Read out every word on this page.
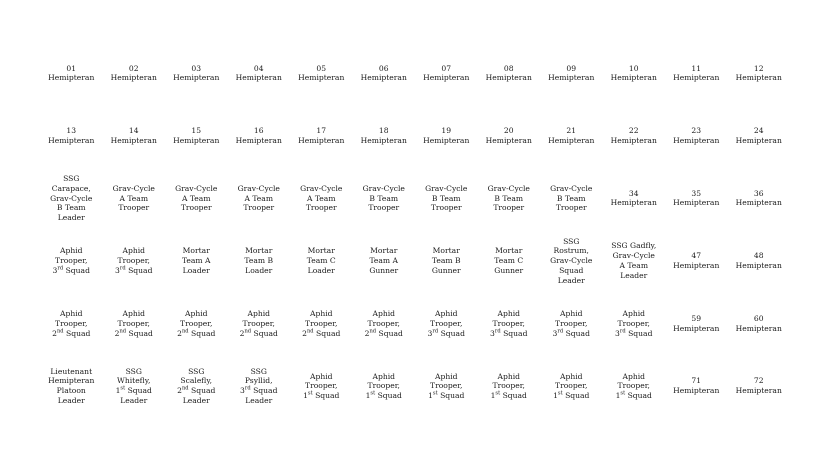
01
Hemipteran
02
Hemipteran
03
Hemipteran
04
Hemipteran
05
Hemipteran
06
Hemipteran
07
Hemipteran
08
Hemipteran
09
Hemipteran
10
Hemipteran
11
Hemipteran
12
Hemipteran
13
Hemipteran
14
Hemipteran
15
Hemipteran
16
Hemipteran
17
Hemipteran
18
Hemipteran
19
Hemipteran
20
Hemipteran
21
Hemipteran
22
Hemipteran
23
Hemipteran
24
Hemipteran
SSG
Carapace,
Grav-Cycle
B Team
Leader
Grav-Cycle
A Team
Trooper
Grav-Cycle
A Team
Trooper
Grav-Cycle
A Team
Trooper
Grav-Cycle
A Team
Trooper
Grav-Cycle
B Team
Trooper
Grav-Cycle
B Team
Trooper
Grav-Cycle
B Team
Trooper
Grav-Cycle
B Team
Trooper
34
Hemipteran
35
Hemipteran
36
Hemipteran
Aphid
Trooper,
3rd Squad
Aphid
Trooper,
3rd Squad
Mortar
Team A
Loader
Mortar
Team B
Loader
Mortar
Team C
Loader
Mortar
Team A
Gunner
Mortar
Team B
Gunner
Mortar
Team C
Gunner
SSG
Rostrum,
Grav-Cycle
Squad
Leader
SSG Gadfly,
Grav-Cycle
A Team
Leader
47
Hemipteran
48
Hemipteran
Aphid
Trooper,
2nd Squad
Aphid
Trooper,
2nd Squad
Aphid
Trooper,
2nd Squad
Aphid
Trooper,
2nd Squad
Aphid
Trooper,
2nd Squad
Aphid
Trooper,
2nd Squad
Aphid
Trooper,
3rd Squad
Aphid
Trooper,
3rd Squad
Aphid
Trooper,
3rd Squad
Aphid
Trooper,
3rd Squad
59
Hemipteran
60
Hemipteran
Lieutenant
Hemipteran
Platoon
Leader
SSG
Whitefly,
1st Squad
Leader
SSG
Scalefly,
2nd Squad
Leader
SSG
Psyllid,
3rd Squad
Leader
Aphid
Trooper,
1st Squad
Aphid
Trooper,
1st Squad
Aphid
Trooper,
1st Squad
Aphid
Trooper,
1st Squad
Aphid
Trooper,
1st Squad
Aphid
Trooper,
1st Squad
71
Hemipteran
72
Hemipteran
